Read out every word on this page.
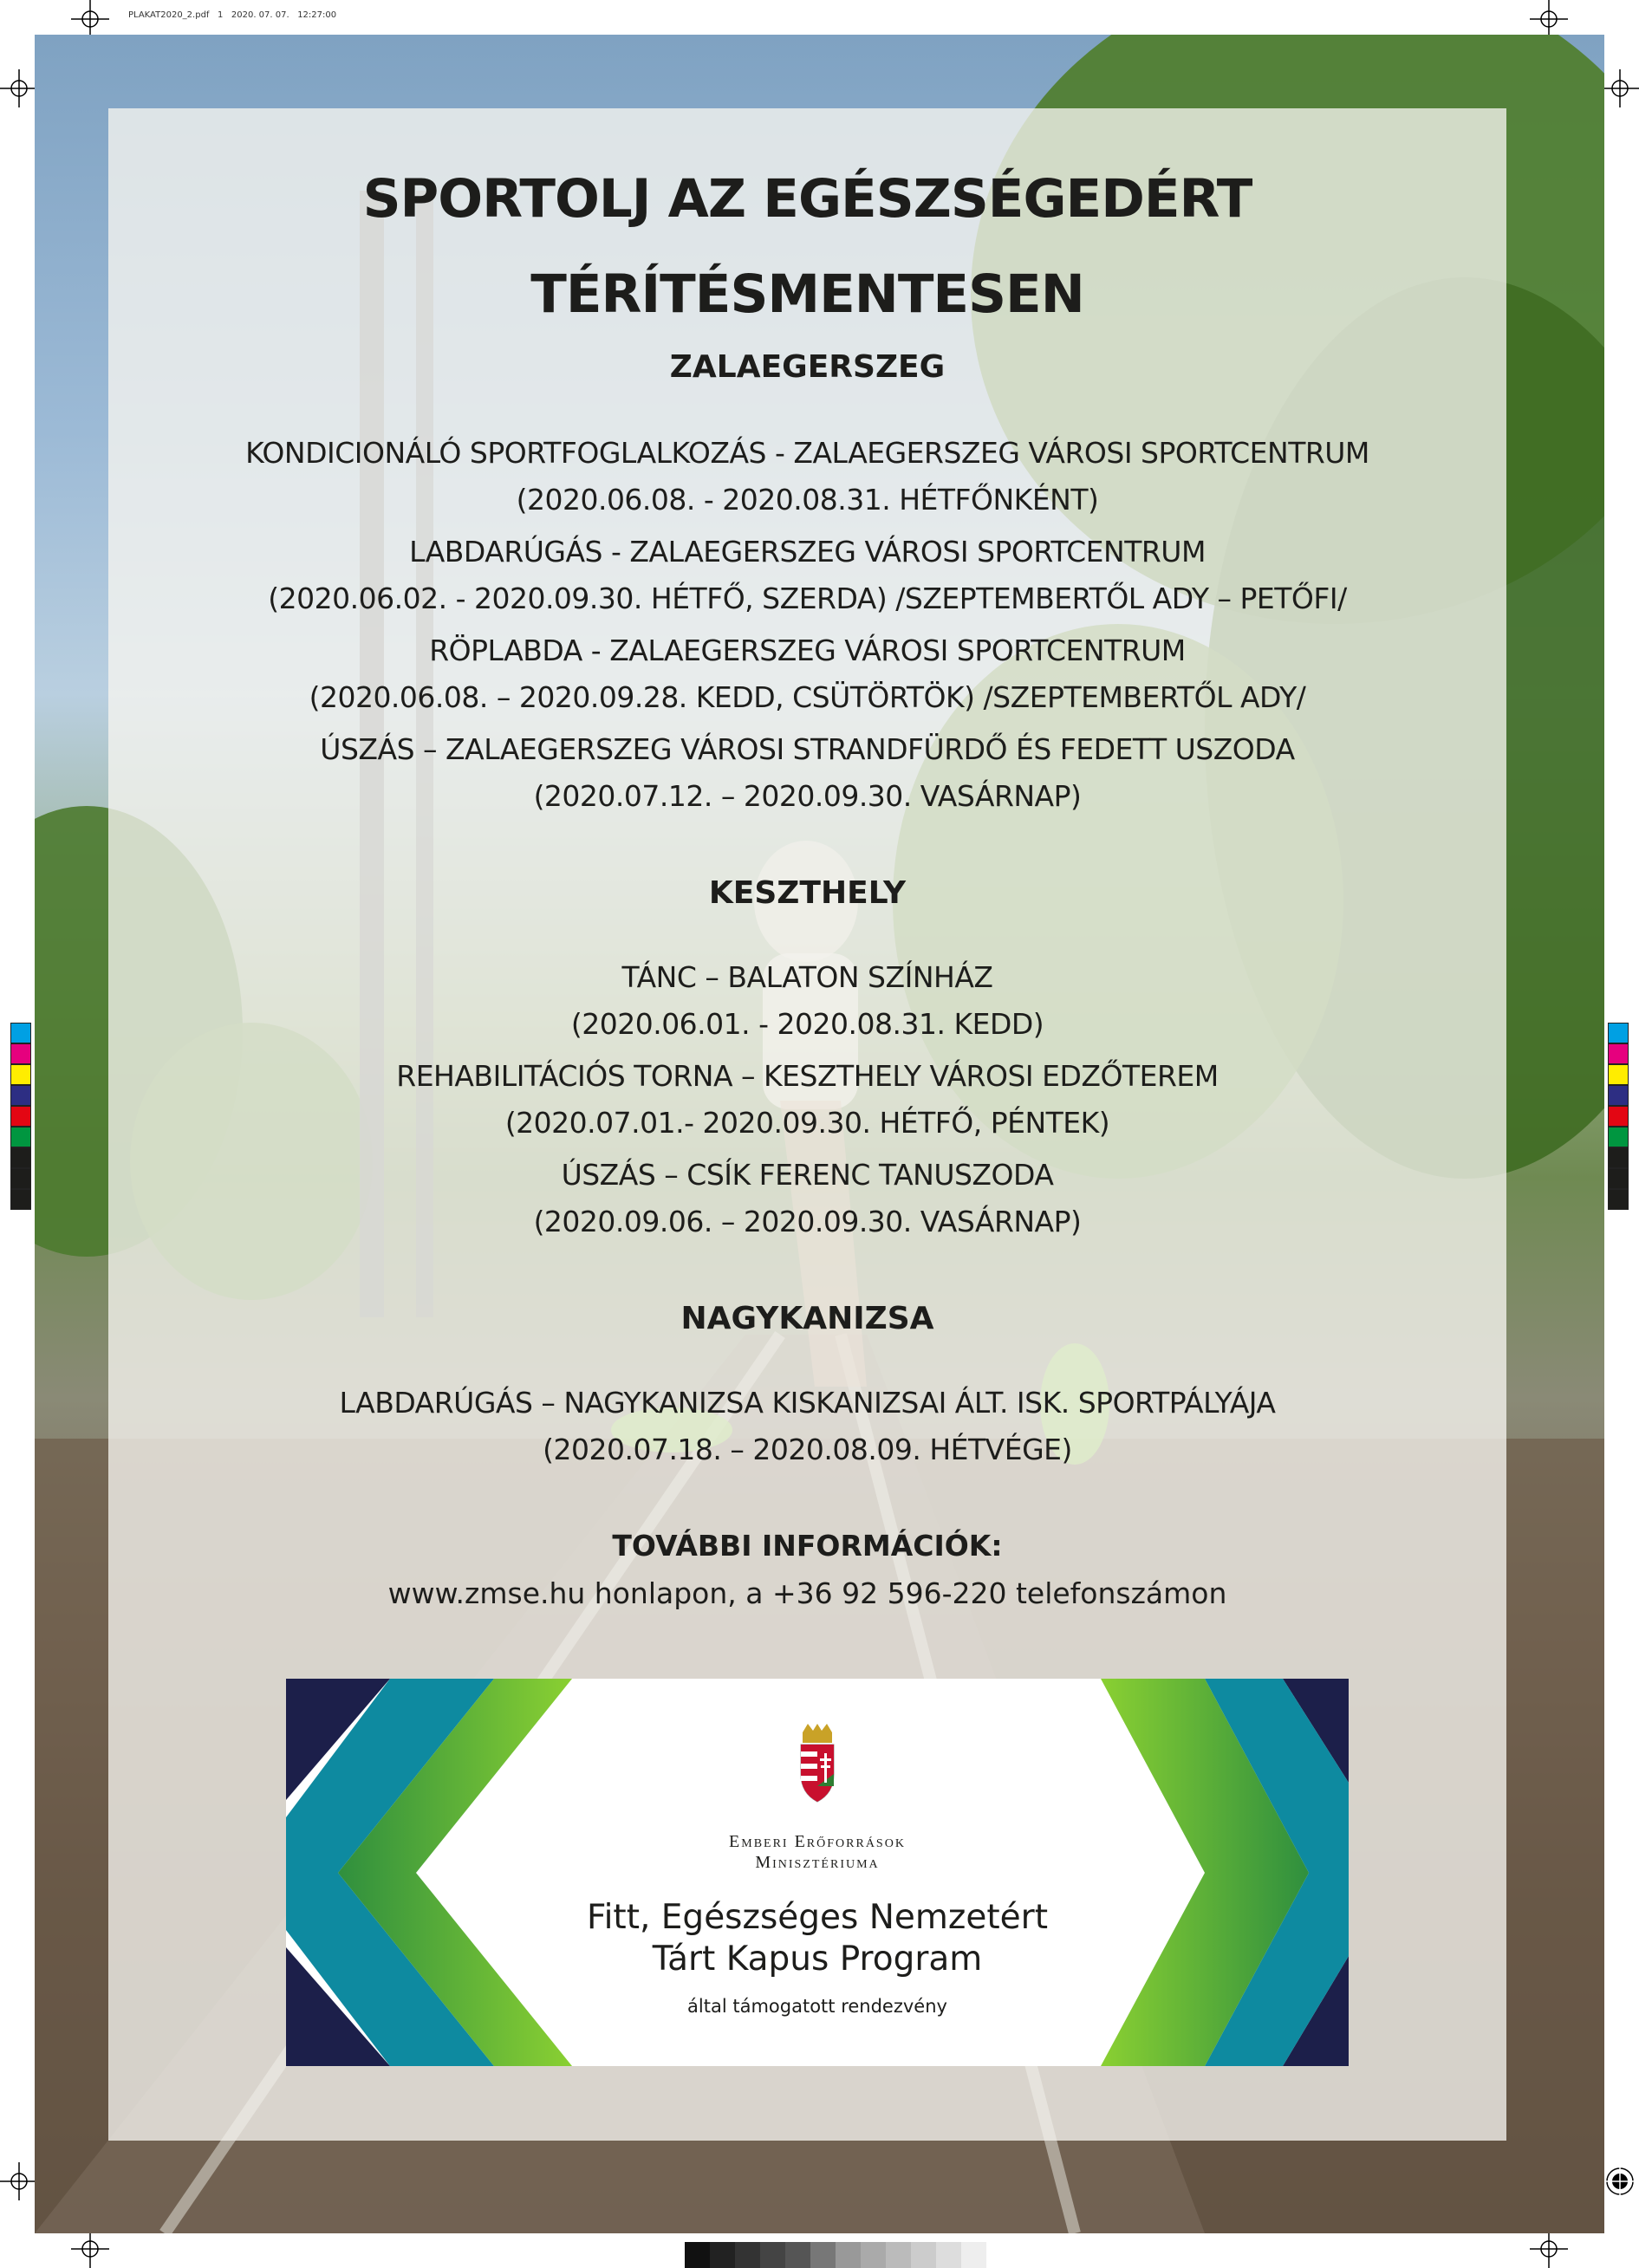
PLAKAT2020_2.pdf   1   2020. 07. 07.   12:27:00
SPORTOLJ AZ EGÉSZSÉGEDÉRT
TÉRÍTÉSMENTESEN
ZALAEGERSZEG
KONDICIONÁLÓ SPORTFOGLALKOZÁS - ZALAEGERSZEG VÁROSI SPORTCENTRUM
(2020.06.08. - 2020.08.31. HÉTFŐNKÉNT)
LABDARÚGÁS - ZALAEGERSZEG VÁROSI SPORTCENTRUM
(2020.06.02. - 2020.09.30. HÉTFŐ, SZERDA) /SZEPTEMBERTŐL ADY – PETŐFI/
RÖPLABDA - ZALAEGERSZEG VÁROSI SPORTCENTRUM
(2020.06.08. – 2020.09.28. KEDD, CSÜTÖRTÖK) /SZEPTEMBERTŐL ADY/
ÚSZÁS – ZALAEGERSZEG VÁROSI STRANDFÜRDŐ ÉS FEDETT USZODA
(2020.07.12. – 2020.09.30. VASÁRNAP)
KESZTHELY
TÁNC – BALATON SZÍNHÁZ
(2020.06.01. - 2020.08.31. KEDD)
REHABILITÁCIÓS TORNA – KESZTHELY VÁROSI EDZŐTEREM
(2020.07.01.- 2020.09.30. HÉTFŐ, PÉNTEK)
ÚSZÁS – CSÍK FERENC TANUSZODA
(2020.09.06. – 2020.09.30. VASÁRNAP)
NAGYKANIZSA
LABDARÚGÁS – NAGYKANIZSA KISKANIZSAI ÁLT. ISK. SPORTPÁLYÁJA
(2020.07.18. – 2020.08.09. HÉTVÉGE)
TOVÁBBI INFORMÁCIÓK:
www.zmse.hu honlapon, a +36 92 596-220 telefonszámon
Emberi Erőforrások
Minisztériuma
Fitt, Egészséges Nemzetért
Tárt Kapus Program
által támogatott rendezvény
